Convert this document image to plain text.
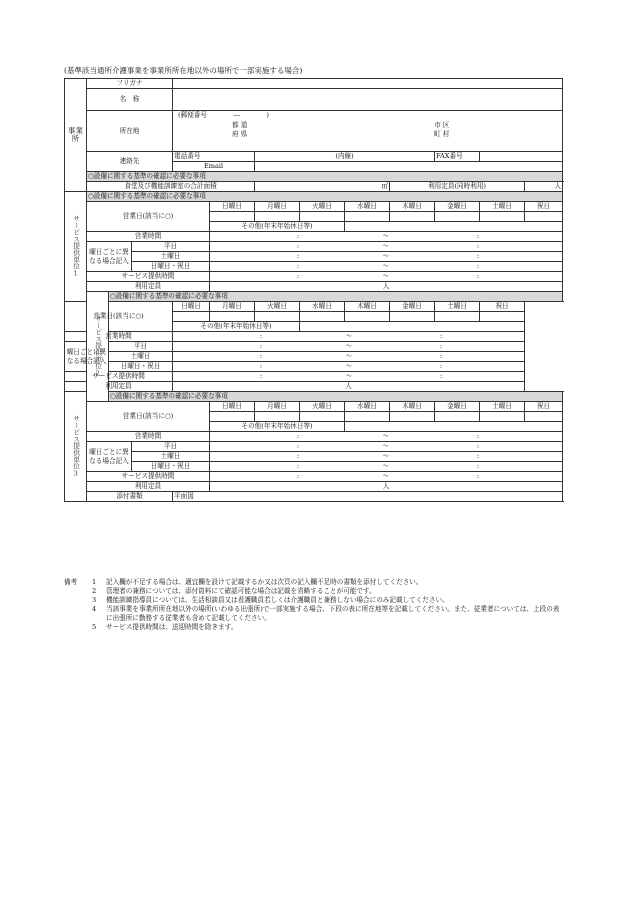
(基準該当通所介護事業を事業所所在地以外の場所で一部実施する場合)
事業所	フリガナ											
	名　称											
	所在地			(郵便番号　　　　―　　　　)
都 道
府 県
市 区
町 村								

	連絡先			電話番号		(内線)				FAX番号		
				Email								
	○設備に関する基準の確認に必要な事項											
	食堂及び機能訓練室の合計面積					㎡			利用定員(同時利用)			人
サービス提供単位1	○設備に関する基準の確認に必要な事項											
	営業日(該当に○)				日曜日	月曜日	火曜日	水曜日	木曜日	金曜日	土曜日	祝日

					その他(年末年始休日等)							
	営業時間				: ～ :							

	曜日ごとに異なる場合記入		平日		: ～ :							

			土曜日		: ～ :							

			日曜日・祝日		: ～ :							

	サービス提供時間				: ～ :							

	利用定員				人							
	サービス提供単位2	○設備に関する基準の確認に必要な事項										
営業日(該当に○)				日曜日	月曜日	火曜日	水曜日	木曜日	金曜日	土曜日	祝日	

				その他(年末年始休日等)								
営業時間				: ～ :								

曜日ごとに異なる場合記入		平日		: ～ :								

		土曜日		: ～ :								

		日曜日・祝日		: ～ :								

サービス提供時間				: ～ :								

利用定員				人								
サービス提供単位3		○設備に関する基準の確認に必要な事項										
	営業日(該当に○)				日曜日	月曜日	火曜日	水曜日	木曜日	金曜日	土曜日	祝日

					その他(年末年始休日等)							
	営業時間				: ～ :							

	曜日ごとに異なる場合記入		平日		: ～ :							

			土曜日		: ～ :							

			日曜日・祝日		: ～ :							

	サービス提供時間				: ～ :							

	利用定員				人							
	添付書類			平面図								
備考	1	記入欄が不足する場合は、適宜欄を設けて記載するか又は次頁の記入欄不足時の書類を添付してください。
2	管理者の兼務については、添付資料にて確認可能な場合は記載を省略することが可能です。
3	機能訓練指導員については、生活相談員又は看護職員若しくは介護職員と兼務しない場合にのみ記載してください。
4	当該事業を事業所所在地以外の場所(いわゆる出張所)で一部実施する場合、下段の表に所在地等を記載してください。また、従業者については、上段の表に出張所に勤務する従業者も含めて記載してください。
5	サービス提供時間は、送迎時間を除きます。
